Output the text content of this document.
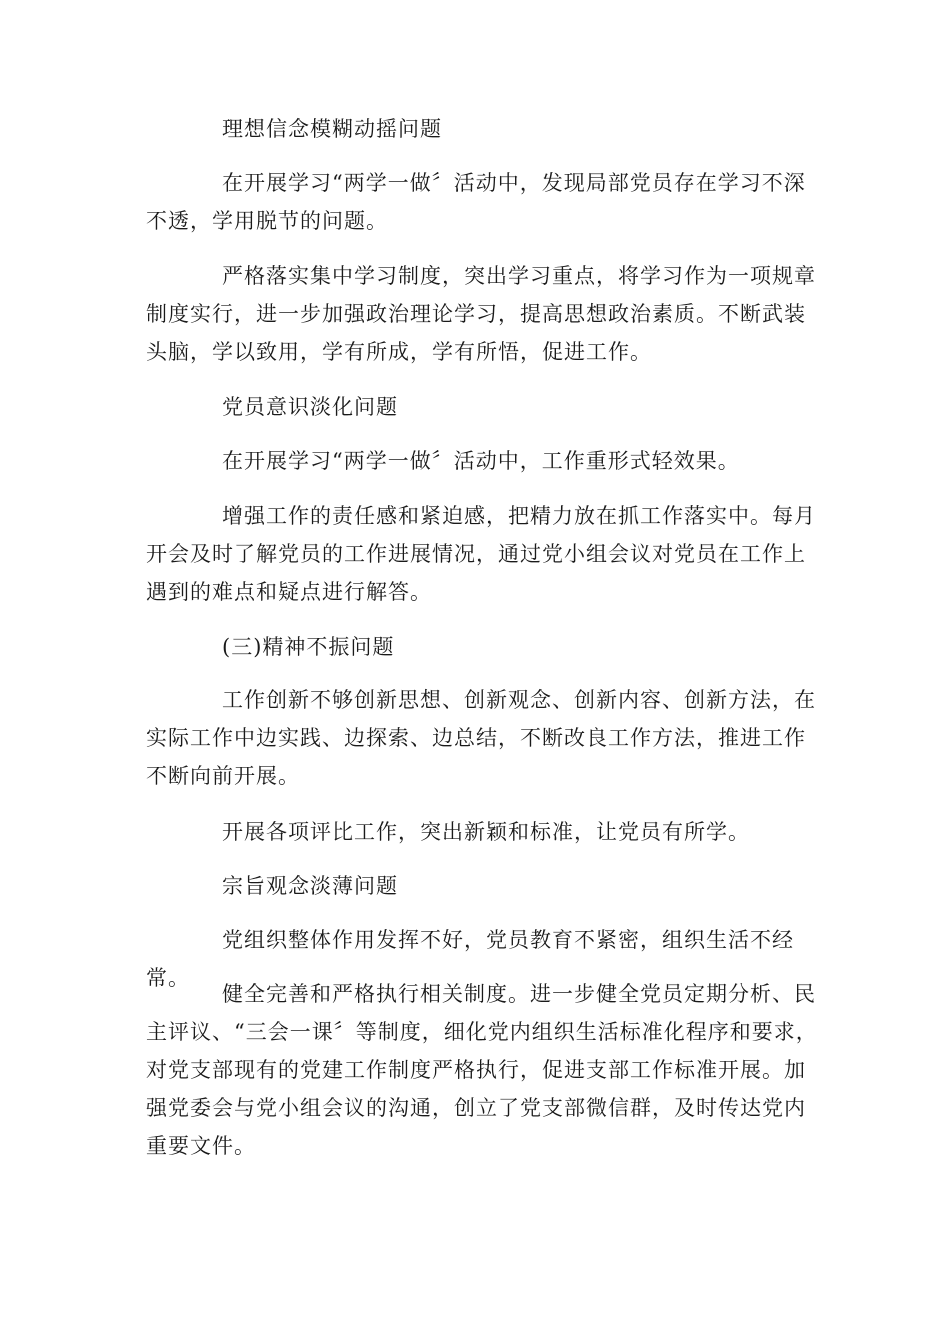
理想信念模糊动摇问题

在开展学习“两学一做〞活动中，发现局部党员存在学习不深不透，学用脱节的问题。

严格落实集中学习制度，突出学习重点，将学习作为一项规章制度实行，进一步加强政治理论学习，提高思想政治素质。不断武装头脑，学以致用，学有所成，学有所悟，促进工作。

党员意识淡化问题

在开展学习“两学一做〞活动中，工作重形式轻效果。

增强工作的责任感和紧迫感，把精力放在抓工作落实中。每月开会及时了解党员的工作进展情况，通过党小组会议对党员在工作上遇到的难点和疑点进行解答。

(三)精神不振问题

工作创新不够创新思想、创新观念、创新内容、创新方法，在实际工作中边实践、边探索、边总结，不断改良工作方法，推进工作不断向前开展。

开展各项评比工作，突出新颖和标准，让党员有所学。

宗旨观念淡薄问题

党组织整体作用发挥不好，党员教育不紧密，组织生活不经常。

健全完善和严格执行相关制度。进一步健全党员定期分析、民主评议、“三会一课〞等制度，细化党内组织生活标准化程序和要求，对党支部现有的党建工作制度严格执行，促进支部工作标准开展。加强党委会与党小组会议的沟通，创立了党支部微信群，及时传达党内重要文件。
